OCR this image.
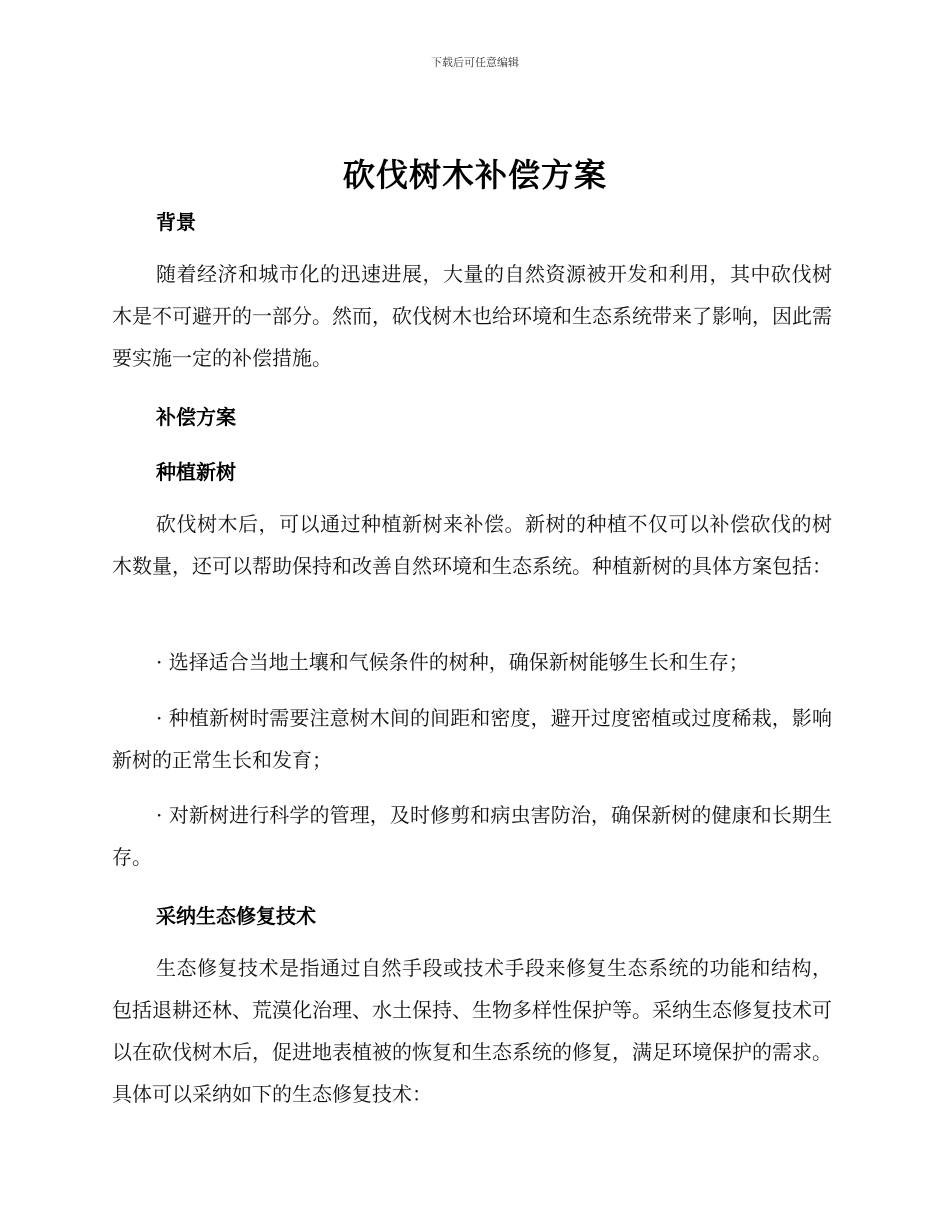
下载后可任意编辑
砍伐树木补偿方案
背景
随着经济和城市化的迅速进展，大量的自然资源被开发和利用，其中砍伐树木是不可避开的一部分。然而，砍伐树木也给环境和生态系统带来了影响，因此需要实施一定的补偿措施。
补偿方案
种植新树
砍伐树木后，可以通过种植新树来补偿。新树的种植不仅可以补偿砍伐的树木数量，还可以帮助保持和改善自然环境和生态系统。种植新树的具体方案包括：
· 选择适合当地土壤和气候条件的树种，确保新树能够生长和生存；
· 种植新树时需要注意树木间的间距和密度，避开过度密植或过度稀栽，影响新树的正常生长和发育；
· 对新树进行科学的管理，及时修剪和病虫害防治，确保新树的健康和长期生存。
采纳生态修复技术
生态修复技术是指通过自然手段或技术手段来修复生态系统的功能和结构，包括退耕还林、荒漠化治理、水土保持、生物多样性保护等。采纳生态修复技术可以在砍伐树木后，促进地表植被的恢复和生态系统的修复，满足环境保护的需求。具体可以采纳如下的生态修复技术：
